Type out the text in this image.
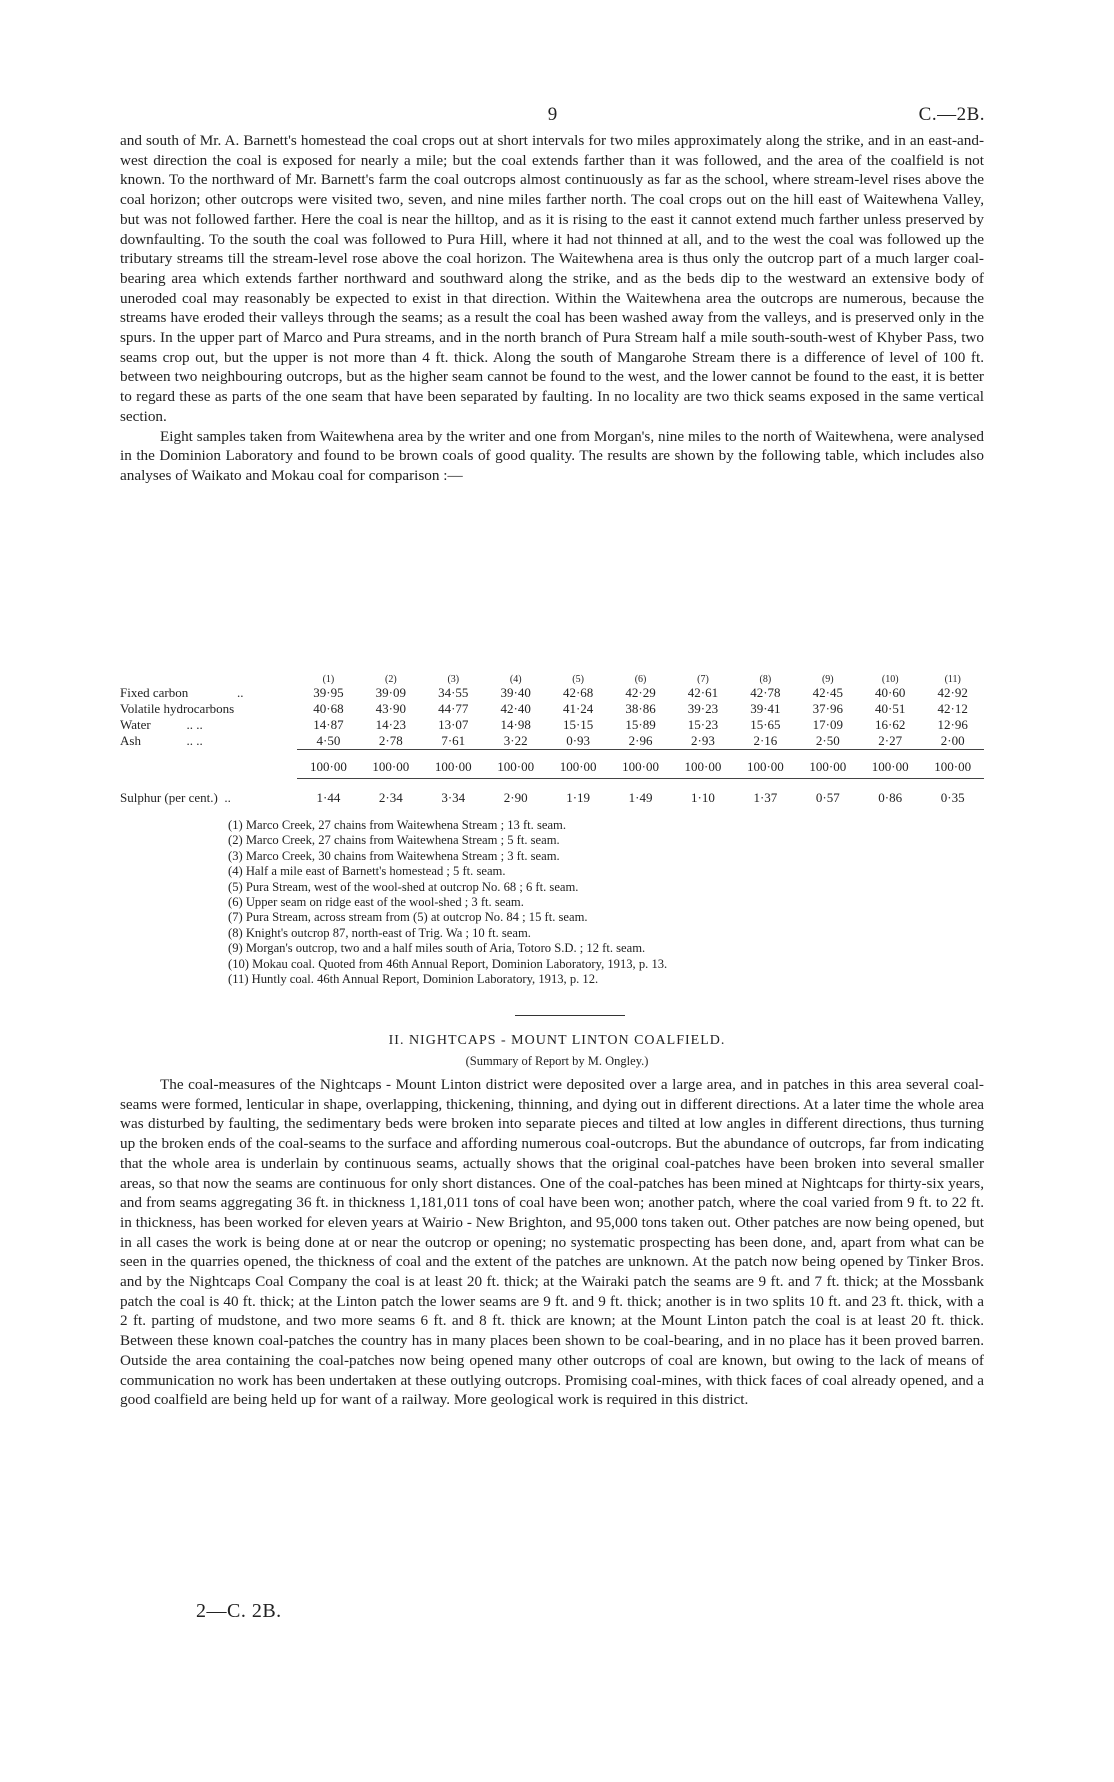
9	C.—2B.

and south of Mr. A. Barnett's homestead the coal crops out at short intervals for two miles approximately along the strike, and in an east-and-west direction the coal is exposed for nearly a mile; but the coal extends farther than it was followed, and the area of the coalfield is not known. To the northward of Mr. Barnett's farm the coal outcrops almost continuously as far as the school, where stream-level rises above the coal horizon; other outcrops were visited two, seven, and nine miles farther north. The coal crops out on the hill east of Waitewhena Valley, but was not followed farther. Here the coal is near the hilltop, and as it is rising to the east it cannot extend much farther unless preserved by downfaulting. To the south the coal was followed to Pura Hill, where it had not thinned at all, and to the west the coal was followed up the tributary streams till the stream-level rose above the coal horizon. The Waitewhena area is thus only the outcrop part of a much larger coal-bearing area which extends farther northward and southward along the strike, and as the beds dip to the westward an extensive body of uneroded coal may reasonably be expected to exist in that direction. Within the Waitewhena area the outcrops are numerous, because the streams have eroded their valleys through the seams; as a result the coal has been washed away from the valleys, and is preserved only in the spurs. In the upper part of Marco and Pura streams, and in the north branch of Pura Stream half a mile south-south-west of Khyber Pass, two seams crop out, but the upper is not more than 4 ft. thick. Along the south of Mangarohe Stream there is a difference of level of 100 ft. between two neighbouring outcrops, but as the higher seam cannot be found to the west, and the lower cannot be found to the east, it is better to regard these as parts of the one seam that have been separated by faulting. In no locality are two thick seams exposed in the same vertical section.

Eight samples taken from Waitewhena area by the writer and one from Morgan's, nine miles to the north of Waitewhena, were analysed in the Dominion Laboratory and found to be brown coals of good quality. The results are shown by the following table, which includes also analyses of Waikato and Mokau coal for comparison :—

	(1)	(2)	(3)	(4)	(5)	(6)	(7)	(8)	(9)	(10)	(11)
Fixed carbon ..	39·95	39·09	34·55	39·40	42·68	42·29	42·61	42·78	42·45	40·60	42·92
Volatile hydrocarbons	40·68	43·90	44·77	42·40	41·24	38·86	39·23	39·41	37·96	40·51	42·12
Water .. ..	14·87	14·23	13·07	14·98	15·15	15·89	15·23	15·65	17·09	16·62	12·96
Ash .. ..	4·50	2·78	7·61	3·22	0·93	2·96	2·93	2·16	2·50	2·27	2·00
	100·00	100·00	100·00	100·00	100·00	100·00	100·00	100·00	100·00	100·00	100·00
Sulphur (per cent.) ..	1·44	2·34	3·34	2·90	1·19	1·49	1·10	1·37	0·57	0·86	0·35
(1) Marco Creek, 27 chains from Waitewhena Stream ; 13 ft. seam.
(2) Marco Creek, 27 chains from Waitewhena Stream ; 5 ft. seam.
(3) Marco Creek, 30 chains from Waitewhena Stream ; 3 ft. seam.
(4) Half a mile east of Barnett's homestead ; 5 ft. seam.
(5) Pura Stream, west of the wool-shed at outcrop No. 68 ; 6 ft. seam.
(6) Upper seam on ridge east of the wool-shed ; 3 ft. seam.
(7) Pura Stream, across stream from (5) at outcrop No. 84 ; 15 ft. seam.
(8) Knight's outcrop 87, north-east of Trig. Wa ; 10 ft. seam.
(9) Morgan's outcrop, two and a half miles south of Aria, Totoro S.D. ; 12 ft. seam.
(10) Mokau coal. Quoted from 46th Annual Report, Dominion Laboratory, 1913, p. 13.
(11) Huntly coal. 46th Annual Report, Dominion Laboratory, 1913, p. 12.
II. NIGHTCAPS - MOUNT LINTON COALFIELD.
(Summary of Report by M. Ongley.)

The coal-measures of the Nightcaps - Mount Linton district were deposited over a large area, and in patches in this area several coal-seams were formed, lenticular in shape, overlapping, thickening, thinning, and dying out in different directions. At a later time the whole area was disturbed by faulting, the sedimentary beds were broken into separate pieces and tilted at low angles in different directions, thus turning up the broken ends of the coal-seams to the surface and affording numerous coal-outcrops. But the abundance of outcrops, far from indicating that the whole area is underlain by continuous seams, actually shows that the original coal-patches have been broken into several smaller areas, so that now the seams are continuous for only short distances. One of the coal-patches has been mined at Nightcaps for thirty-six years, and from seams aggregating 36 ft. in thickness 1,181,011 tons of coal have been won; another patch, where the coal varied from 9 ft. to 22 ft. in thickness, has been worked for eleven years at Wairio - New Brighton, and 95,000 tons taken out. Other patches are now being opened, but in all cases the work is being done at or near the outcrop or opening; no systematic prospecting has been done, and, apart from what can be seen in the quarries opened, the thickness of coal and the extent of the patches are unknown. At the patch now being opened by Tinker Bros. and by the Nightcaps Coal Company the coal is at least 20 ft. thick; at the Wairaki patch the seams are 9 ft. and 7 ft. thick; at the Mossbank patch the coal is 40 ft. thick; at the Linton patch the lower seams are 9 ft. and 9 ft. thick; another is in two splits 10 ft. and 23 ft. thick, with a 2 ft. parting of mudstone, and two more seams 6 ft. and 8 ft. thick are known; at the Mount Linton patch the coal is at least 20 ft. thick. Between these known coal-patches the country has in many places been shown to be coal-bearing, and in no place has it been proved barren. Outside the area containing the coal-patches now being opened many other outcrops of coal are known, but owing to the lack of means of communication no work has been undertaken at these outlying outcrops. Promising coal-mines, with thick faces of coal already opened, and a good coalfield are being held up for want of a railway. More geological work is required in this district.

2—C. 2B.
